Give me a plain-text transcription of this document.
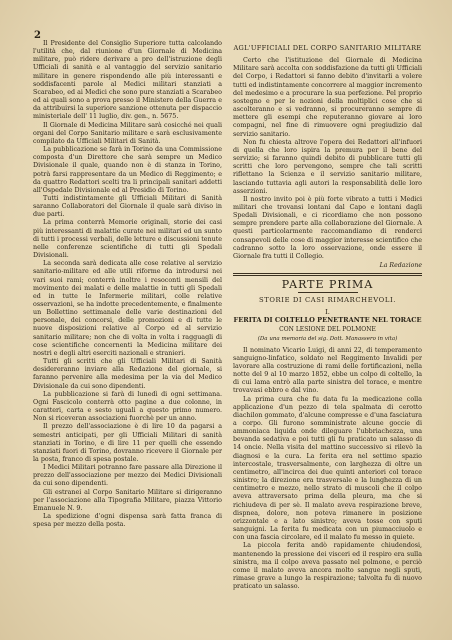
2

Il Presidente del Consiglio Superiore tutta calcolando l'utilità che, dal riunione d'un Giornale di Medicina militare, può ridere derivare a pro dell'istruzione degli Ufficiali di sanità e al vantaggio del servizio sanitario militare in genere rispondendo alle più interessanti e soddisfacenti parole al Medici militari stanziati a Scarabeo, ed ai Medici che sono pure stanziati a Scarabeo ed ai quali sono a prova presso il Ministero della Guerra e da attribuirsi la superiore sanzione ottenuta per dispaccio ministeriale dell' 11 luglio, div. gen., n. 5675.

Il Giornale di Medicina Militare sarà cosicché nei quali organi del Corpo Sanitario militare e sarà esclusivamente compilato da Ufficiali Militari di Sanità.

La pubblicazione se farà in Torino da una Commissione composta d'un Direttore che sarà sempre un Medico Divisionale il quale, quando non è di stanza in Torino, potrà farsi rappresentare da un Medico di Reggimento; e da quattro Redattori scelti tra li principali sanitari addetti all'Ospedale Divisionale ed al Presidio di Torino.

Tutti indistintamente gli Ufficiali Militari di Sanità saranno Collaboratori del Giornale il quale sarà diviso in due parti.

La prima conterrà Memorie originali, storie dei casi più interessanti di malattie curate nei militari ed un sunto di tutti i processi verbali, delle letture e discussioni tenute nelle conferenze scientifiche di tutti gli Spedali Divisionali.

La seconda sarà dedicata alle cose relative al servizio sanitario-militare ed alle utili riforme da introdursi nei vari suoi rami; conterrà inoltre i resoconti mensili del movimento dei malati e delle malattie in tutti gli Spedali ed in tutte le Infermerie militari, colle relative osservazioni, se ha indotte precedentemente, e finalmente un Bollettino settimanale delle varie destinazioni del personale, dei concorsi, delle promozioni e di tutte le nuove disposizioni relative al Corpo ed al servizio sanitario militare; non che di volta in volta i ragguagli di cose scientifiche concernenti la Medicina militare dei nostri e degli altri eserciti nazionali e stranieri.

Tutti gli scritti che gli Ufficiali Militari di Sanità desidereranno inviare alla Redazione del giornale, si faranno pervenire alla medesima per la via del Medico Divisionale da cui sono dipendenti.

La pubblicazione si farà di lunedì di ogni settimana. Ogni Fascicolo conterrà otto pagine a due colonne, in caratteri, carta e sesto uguali a questo primo numero. Non si riceveran associazioni fuorchè per un anno.

Il prezzo dell'associazione è di lire 10 da pagarsi a semestri anticipati, per gli Ufficiali Militari di sanità stanziati in Torino, e di lire 11 per quelli che essendo stanziati fuori di Torino, dovranno ricevere il Giornale per la posta, franco di spesa postale.

I Medici Militari potranno fare passare alla Direzione il prezzo dell'associazione per mezzo dei Medici Divisionali da cui sono dipendenti.

Gli estranei al Corpo Sanitario Militare si dirigeranno per l'associazione alla Tipografia Militare, piazza Vittorio Emanuele N. 9.

La spedizione d'ogni dispensa sarà fatta franca di spesa per mezzo della posta.

AGL'UFFICIALI DEL CORPO SANITARIO MILITARE

Certo che l'istituzione del Giornale di Medicina Militare sarà accolta con soddisfazione da tutti gli Ufficiali del Corpo, i Redattori si fanno debito d'invitarli a volere tutti ed indistintamente concorrere al maggior incremento del medesimo e a procurare la sua perfezione. Pel proprio sostegno e per le nozioni della moltiplici cose che si ascolteranno e si vedranno, si procureranno sempre di mettere gli esempi che reputeranno giovare ai loro compagni, nel fine di rimuovere ogni pregiudizio dal servizio sanitario.

Non fu chiesta altrove l'opera dei Redattori all'infuori di quella che loro ispira la premura per il bene del servizio; si faranno quindi debito di pubblicare tutti gli scritti che loro pervengono, sempre che tali scritti riflettano la Scienza e il servizio sanitario militare, lasciando tuttavia agli autori la responsabilità delle loro asserzioni.

Il nostro invito poi è più forte vibrato a tutti i Medici militari che trovansi lontani dal Capo e lontani dagli Spedali Divisionali, e ci ricordiamo che non possono sempre prendere parte alla collaborazione del Giornale. A questi particolarmente raccomandiamo di renderci consapevoli delle cose di maggior interesse scientifico che cadranno sotto la loro osservazione, onde essere il Giornale fra tutti il Collegio.

La Redazione
PARTE PRIMA
STORIE DI CASI RIMARCHEVOLI.
I.
FERITA DI COLTELLO PENETRANTE NEL TORACE
CON LESIONE DEL POLMONE
(Da una memoria del sig. Dott. Manassero in vita)

Il nominato Vicario Luigi, di anni 22, di temperamento sanguigno-linfatico, soldato nel Reggimento Invalidi per lavorare alla costruzione di rami delle fortificazioni, nella notte del 9 al 10 marzo 1852, ebbe un colpo di coltello, la di cui lama entrò alla parte sinistra del torace, e mentre trovavasi ebbro e dal vino.

La prima cura che fu data fu la medicazione colla applicazione d'un pezzo di tela spalmata di cerotto diachilon gommato, d'alcune compresse e d'una fasciatura a corpo. Gli furono somministrate alcune goccie di ammoniaca liquida onde dileguare l'ubbriachezza, una bevanda sedativa e poi tutti gli fu praticato un salasso di 14 oncie. Nella visita del mattino successivo si rilevò la diagnosi e la cura. La ferita era nel settimo spazio intercostale, trasversalmente, con larghezza di oltre un centimetro, all'incirca dei due quinti anteriori col torace sinistro; la direzione era trasversale e la lunghezza di un centimetro e mezzo, nello strato di muscoli che il colpo aveva attraversato prima della pleura, ma che si richiudeva di per sè. Il malato aveva respirazione breve, dispnea, dolore, non poteva rimanere in posizione orizzontale e a lato sinistro; aveva tosse con sputi sanguigni. La ferita fu medicata con un piumacciuolo e con una fascia circolare, ed il malato fu messo in quiete.

La piccola ferita andò rapidamente chiudendosi, mantenendo la pressione dei visceri ed il respiro era sulla sinistra, ma il colpo aveva passato nel polmone, e perciò come il malato aveva ancora molto sangue negli sputi, rimase grave a lungo la respirazione; talvolta fu di nuovo praticato un salasso.
